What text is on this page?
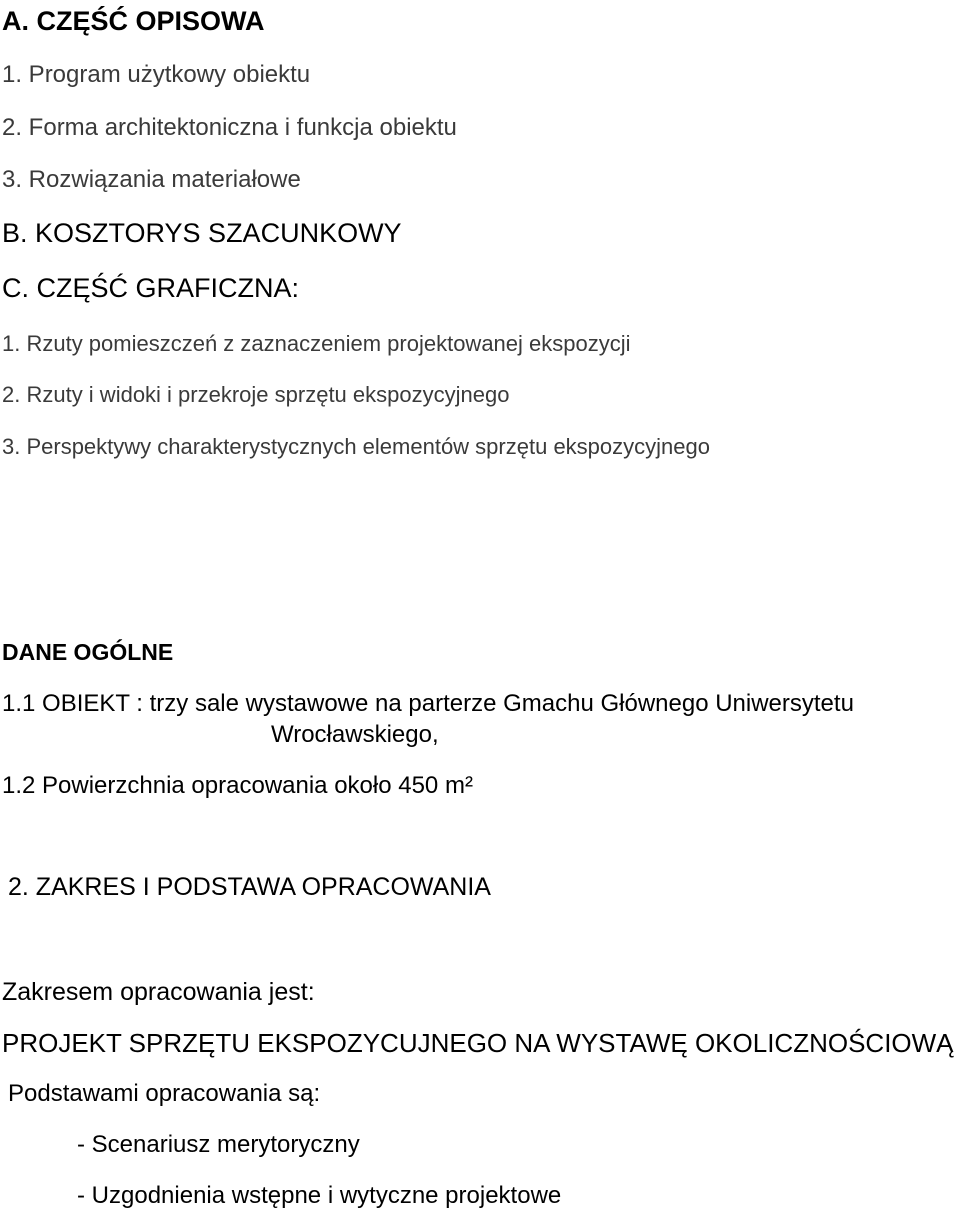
A. CZĘŚĆ OPISOWA
1. Program użytkowy obiektu
2. Forma architektoniczna i funkcja obiektu
3. Rozwiązania materiałowe
B. KOSZTORYS SZACUNKOWY
C. CZĘŚĆ GRAFICZNA:
1. Rzuty pomieszczeń z zaznaczeniem projektowanej ekspozycji
2. Rzuty i widoki i przekroje sprzętu ekspozycyjnego
3. Perspektywy charakterystycznych elementów sprzętu ekspozycyjnego
DANE OGÓLNE
1.1 OBIEKT : trzy sale wystawowe na parterze Gmachu Głównego Uniwersytetu
Wrocławskiego,
1.2 Powierzchnia opracowania około 450 m²
2. ZAKRES I PODSTAWA OPRACOWANIA
Zakresem opracowania jest:
PROJEKT SPRZĘTU EKSPOZYCUJNEGO NA WYSTAWĘ OKOLICZNOŚCIOWĄ
Podstawami opracowania są:
- Scenariusz merytoryczny
- Uzgodnienia wstępne i wytyczne projektowe
